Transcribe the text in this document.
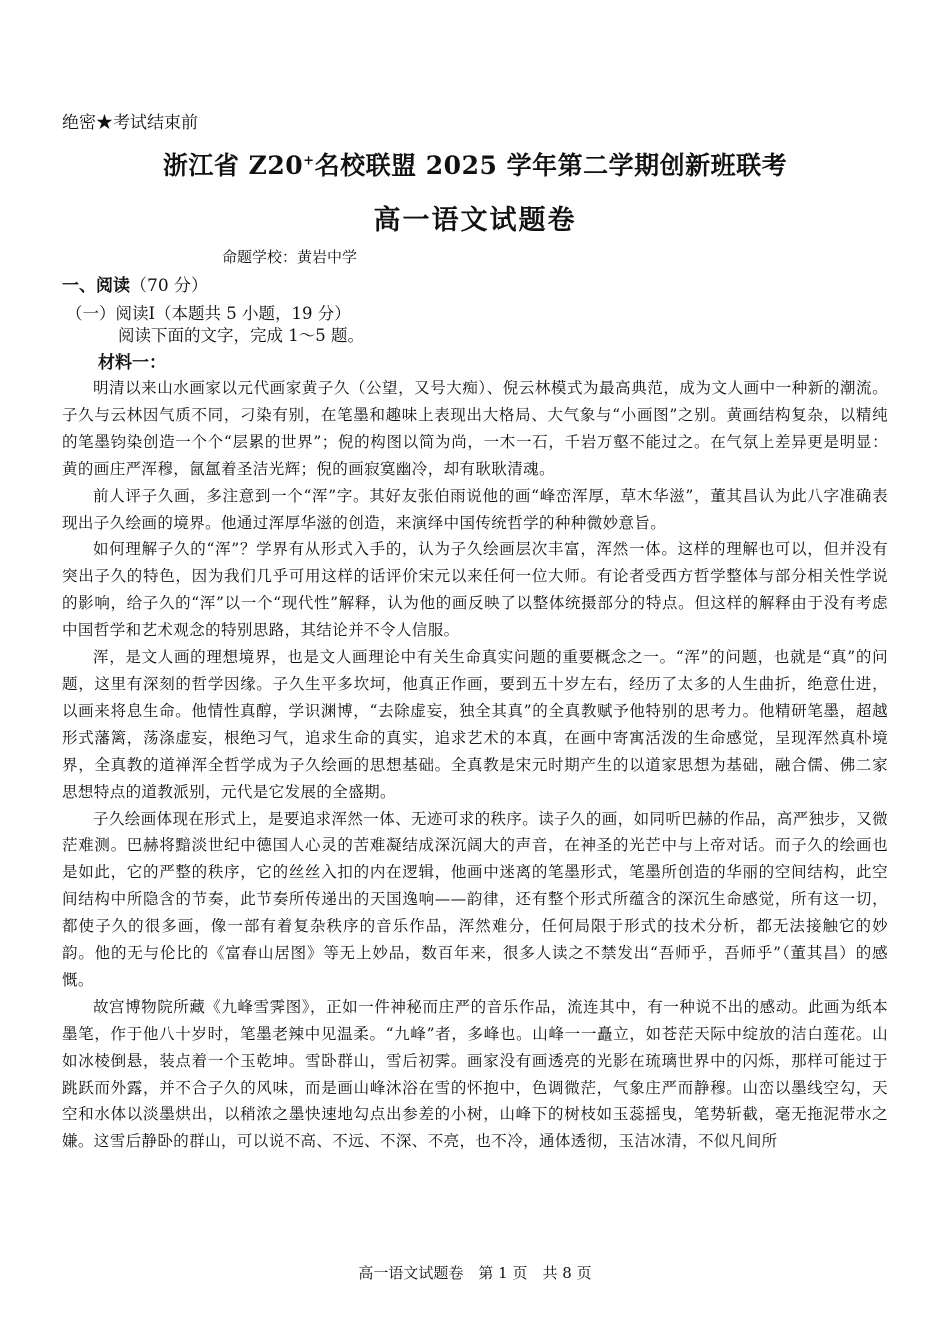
绝密★考试结束前
浙江省 Z20+名校联盟 2025 学年第二学期创新班联考
高一语文试题卷
命题学校：黄岩中学
一、阅读（70 分）
（一）阅读Ⅰ（本题共 5 小题，19 分）
阅读下面的文字，完成 1～5 题。
材料一：

明清以来山水画家以元代画家黄子久（公望，又号大痴）、倪云林模式为最高典范，成为文人画中一种新的潮流。子久与云林因气质不同，刁染有别，在笔墨和趣味上表现出大格局、大气象与“小画图”之别。黄画结构复杂，以精纯的笔墨钧染创造一个个“层累的世界”；倪的构图以简为尚，一木一石，千岩万壑不能过之。在气氛上差异更是明显：黄的画庄严浑穆，氤氲着圣洁光辉；倪的画寂寞幽冷，却有耿耿清魂。

前人评子久画，多注意到一个“浑”字。其好友张伯雨说他的画“峰峦浑厚，草木华滋”，董其昌认为此八字准确表现出子久绘画的境界。他通过浑厚华滋的创造，来演绎中国传统哲学的种种微妙意旨。

如何理解子久的“浑”？学界有从形式入手的，认为子久绘画层次丰富，浑然一体。这样的理解也可以，但并没有突出子久的特色，因为我们几乎可用这样的话评价宋元以来任何一位大师。有论者受西方哲学整体与部分相关性学说的影响，给子久的“浑”以一个“现代性”解释，认为他的画反映了以整体统摄部分的特点。但这样的解释由于没有考虑中国哲学和艺术观念的特别思路，其结论并不令人信服。

浑，是文人画的理想境界，也是文人画理论中有关生命真实问题的重要概念之一。“浑”的问题，也就是“真”的问题，这里有深刻的哲学因缘。子久生平多坎坷，他真正作画，要到五十岁左右，经历了太多的人生曲折，绝意仕进，以画来将息生命。他情性真醇，学识渊博，“去除虚妄，独全其真”的全真教赋予他特别的思考力。他精研笔墨，超越形式藩篱，荡涤虚妄，根绝习气，追求生命的真实，追求艺术的本真，在画中寄寓活泼的生命感觉，呈现浑然真朴境界，全真教的道禅浑全哲学成为子久绘画的思想基础。全真教是宋元时期产生的以道家思想为基础，融合儒、佛二家思想特点的道教派别，元代是它发展的全盛期。

子久绘画体现在形式上，是要追求浑然一体、无迹可求的秩序。读子久的画，如同听巴赫的作品，高严独步，又微茫难测。巴赫将黯淡世纪中德国人心灵的苦难凝结成深沉阔大的声音，在神圣的光芒中与上帝对话。而子久的绘画也是如此，它的严整的秩序，它的丝丝入扣的内在逻辑，他画中迷离的笔墨形式，笔墨所创造的华丽的空间结构，此空间结构中所隐含的节奏，此节奏所传递出的天国逸响——韵律，还有整个形式所蕴含的深沉生命感觉，所有这一切，都使子久的很多画，像一部有着复杂秩序的音乐作品，浑然难分，任何局限于形式的技术分析，都无法接触它的妙韵。他的无与伦比的《富春山居图》等无上妙品，数百年来，很多人读之不禁发出“吾师乎，吾师乎”（董其昌）的感慨。

故宫博物院所藏《九峰雪霁图》，正如一件神秘而庄严的音乐作品，流连其中，有一种说不出的感动。此画为纸本墨笔，作于他八十岁时，笔墨老辣中见温柔。“九峰”者，多峰也。山峰一一矗立，如苍茫天际中绽放的洁白莲花。山如冰棱倒悬，装点着一个玉乾坤。雪卧群山，雪后初霁。画家没有画透亮的光影在琉璃世界中的闪烁，那样可能过于跳跃而外露，并不合子久的风味，而是画山峰沐浴在雪的怀抱中，色调微茫，气象庄严而静穆。山峦以墨线空勾，天空和水体以淡墨烘出，以稍浓之墨快速地勾点出参差的小树，山峰下的树枝如玉蕊摇曳，笔势斩截，毫无拖泥带水之嫌。这雪后静卧的群山，可以说不高、不远、不深、不亮，也不冷，通体透彻，玉洁冰清，不似凡间所

高一语文试题卷　第 1 页　共 8 页
